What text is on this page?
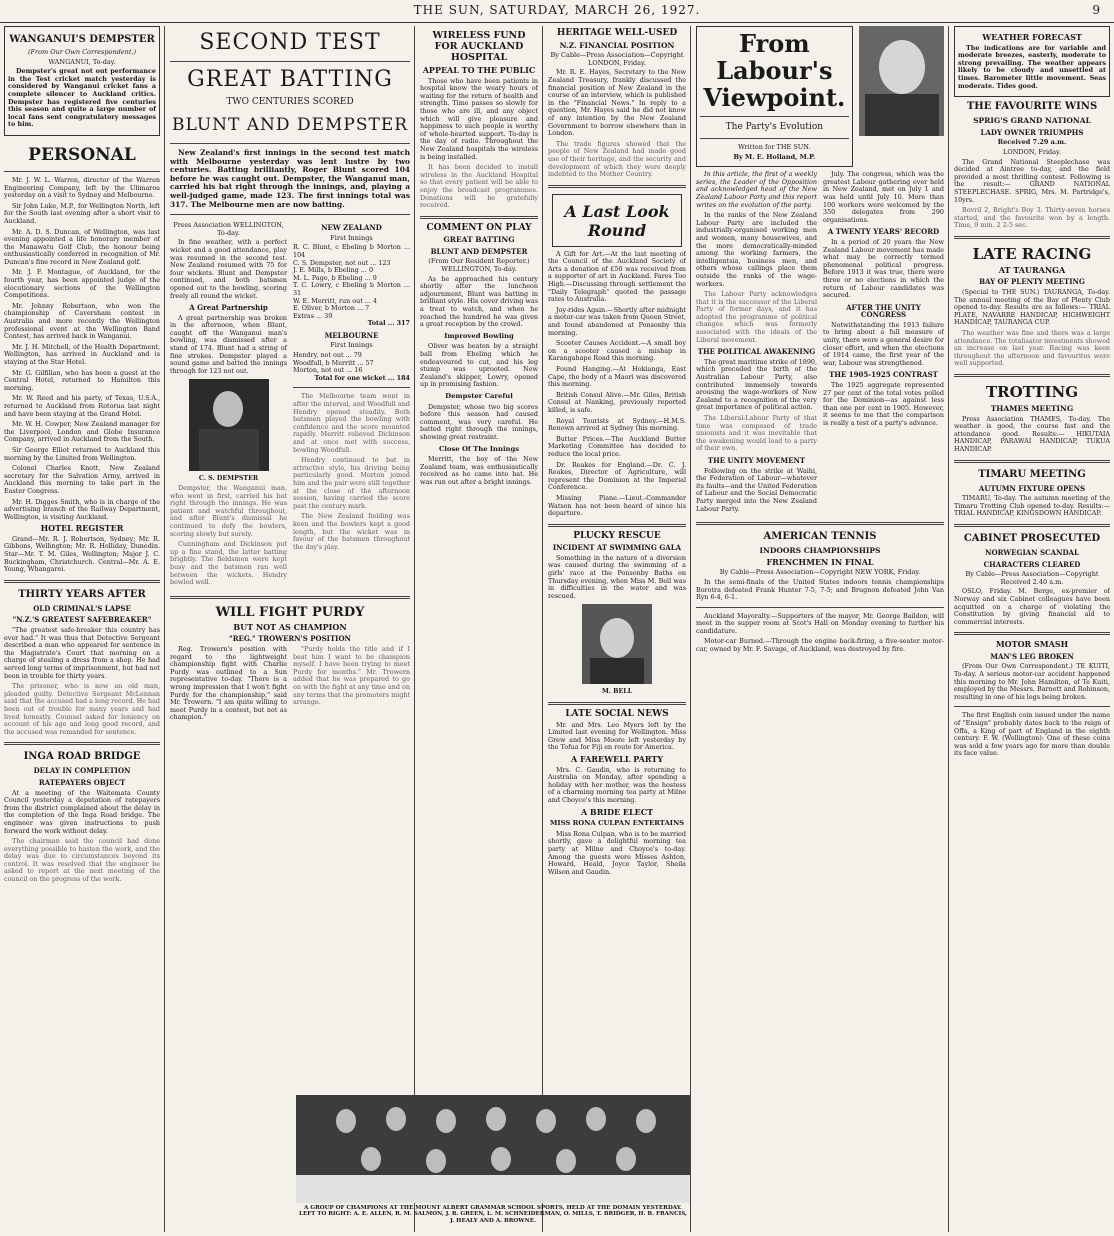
THE SUN, SATURDAY, MARCH 26, 1927.	9
WANGANUI'S DEMPSTER
(From Our Own Correspondent.)
WANGANUI, To-day.

Dempster's great not out performance in the Test cricket match yesterday is considered by Wanganui cricket fans a complete silencer to Auckland critics. Dempster has registered five centuries this season and quite a large number of local fans sent congratulatory messages to him.

PERSONAL

Mr. J. W. L. Warren, director of the Warren Engineering Company, left by the Ulimaroa yesterday on a visit to Sydney and Melbourne.

Sir John Luke, M.P., for Wellington North, left for the South last evening after a short visit to Auckland.

Mr. A. D. S. Duncan, of Wellington, was last evening appointed a life honorary member of the Manawatu Golf Club, the honour being enthusiastically conferred in recognition of Mr. Duncan's fine record in New Zealand golf.

Mr. J. F. Montague, of Auckland, for the fourth year, has been appointed judge of the elocutionary sections of the Wellington Competitions.

Mr. Johnny Robertson, who won the championship of Caversham contest in Australia and more recently the Wellington professional event at the Wellington Band Contest, has arrived back in Wanganui.

Mr. J. H. Mitchell, of the Health Department, Wellington, has arrived in Auckland and is staying at the Star Hotel.

Mr. G. Gilfillan, who has been a guest at the Central Hotel, returned to Hamilton this morning.

Mr. W. Reed and his party, of Texas, U.S.A., returned to Auckland from Rotorua last night and have been staying at the Grand Hotel.

Mr. W. H. Cowper, New Zealand manager for the Liverpool, London and Globe Insurance Company, arrived in Auckland from the South.

Sir George Elliot returned to Auckland this morning by the Limited from Wellington.

Colonel Charles Knott, New Zealand secretary for the Salvation Army, arrived in Auckland this morning to take part in the Easter Congress.

Mr. H. Digges Smith, who is in charge of the advertising branch of the Railway Department, Wellington, is visiting Auckland.

HOTEL REGISTER

Grand—Mr. R. J. Robertson, Sydney; Mr. R. Gibbons, Wellington; Mr. R. Holliday, Dunedin. Star—Mr. T. M. Giles, Wellington; Major J. C. Buckingham, Christchurch. Central—Mr. A. E. Young, Whangarei.

THIRTY YEARS AFTER
OLD CRIMINAL'S LAPSE
"N.Z.'S GREATEST SAFEBREAKER"

"The greatest safe-breaker this country has ever had." It was thus that Detective Sergeant described a man who appeared for sentence in the Magistrate's Court that morning on a charge of stealing a dress from a shop. He had served long terms of imprisonment, but had not been in trouble for thirty years.

The prisoner, who is now an old man, pleaded guilty. Detective Sergeant McLennan said that the accused had a long record. He had been out of trouble for many years and had lived honestly. Counsel asked for leniency on account of his age and long good record, and the accused was remanded for sentence.

INGA ROAD BRIDGE
DELAY IN COMPLETION
RATEPAYERS OBJECT

At a meeting of the Waitemata County Council yesterday a deputation of ratepayers from the district complained about the delay in the completion of the Inga Road bridge. The engineer was given instructions to push forward the work without delay.

The chairman said the council had done everything possible to hasten the work, and the delay was due to circumstances beyond its control. It was resolved that the engineer be asked to report at the next meeting of the council on the progress of the work.

SECOND TEST
GREAT BATTING
TWO CENTURIES SCORED
BLUNT AND DEMPSTER

New Zealand's first innings in the second test match with Melbourne yesterday was lent lustre by two centuries. Batting brilliantly, Roger Blunt scored 104 before he was caught out. Dempster, the Wanganui man, carried his bat right through the innings, and, playing a well-judged game, made 123. The first innings total was 317. The Melbourne men are now batting.

Press Association WELLINGTON, To-day.

In fine weather, with a perfect wicket and a good attendance, play was resumed in the second test. New Zealand resumed with 75 for four wickets. Blunt and Dempster continued, and both batsmen opened out to the bowling, scoring freely all round the wicket.

A Great Partnership

A great partnership was broken in the afternoon, when Blunt, caught off the Wanganui man's bowling, was dismissed after a stand of 174. Blunt had a string of fine strokes. Dempster played a sound game and batted the innings through for 123 not out.

C. S. DEMPSTER

Dempster, the Wanganui man, who went in first, carried his bat right through the innings. He was patient and watchful throughout, and after Blunt's dismissal he continued to defy the bowlers, scoring slowly but surely.

Cunningham and Dickinson put up a fine stand, the latter batting brightly. The fieldsmen were kept busy and the batsmen ran well between the wickets. Hendry bowled well.

NEW ZEALAND
First Innings
R. C. Blunt, c Ebeling b Morton ... 104
C. S. Dempster, not out ... 123
J. E. Mills, b Ebeling ... 0
M. L. Page, b Ebeling ... 9
T. C. Lowry, c Ebeling b Morton ... 31
W. E. Merritt, run out ... 4
E. Oliver, b Morton ... 7
Extras ... 39
Total ... 317
MELBOURNE
First Innings
Hendry, not out ... 79
Woodfull, b Merritt ... 57
Morton, not out ... 16
Total for one wicket ... 184

The Melbourne team went in after the interval, and Woodfull and Hendry opened steadily. Both batsmen played the bowling with confidence and the score mounted rapidly. Merritt relieved Dickinson and at once met with success, bowling Woodfull.

Hendry continued to bat in attractive style, his driving being particularly good. Morton joined him and the pair were still together at the close of the afternoon session, having carried the score past the century mark.

The New Zealand fielding was keen and the bowlers kept a good length, but the wicket was in favour of the batsmen throughout the day's play.

WILL FIGHT PURDY
BUT NOT AS CHAMPION
"REG." TROWERN'S POSITION

Reg. Trowern's position with regard to the lightweight championship fight with Charlie Purdy was outlined to a Sun representative to-day. "There is a wrong impression that I won't fight Purdy for the championship," said Mr. Trowern. "I am quite willing to meet Purdy in a contest, but not as champion."

"Purdy holds the title and if I beat him I want to be champion myself. I have been trying to meet Purdy for months." Mr. Trowern added that he was prepared to go on with the fight at any time and on any terms that the promoters might arrange.

WIRELESS FUND FOR AUCKLAND HOSPITAL
APPEAL TO THE PUBLIC

Those who have been patients in hospital know the weary hours of waiting for the return of health and strength. Time passes so slowly for those who are ill, and any object which will give pleasure and happiness to such people is worthy of whole-hearted support. To-day is the day of radio. Throughout the New Zealand hospitals the wireless is being installed.

It has been decided to install wireless in the Auckland Hospital so that every patient will be able to enjoy the broadcast programmes. Donations will be gratefully received.

COMMENT ON PLAY
GREAT BATTING
BLUNT AND DEMPSTER
(From Our Resident Reporter.) WELLINGTON, To-day.

As he approached his century shortly after the luncheon adjournment, Blunt was batting in brilliant style. His cover driving was a treat to watch, and when he reached the hundred he was given a great reception by the crowd.

Improved Bowling

Oliver was beaten by a straight ball from Ebeling which he endeavoured to cut, and his leg stump was uprooted. New Zealand's skipper, Lowry, opened up in promising fashion.

Dempster Careful

Dempster, whose two big scores before this season had caused comment, was very careful. He batted right through the innings, showing great restraint.

Close Of The Innings

Merritt, the boy of the New Zealand team, was enthusiastically received as he came into bat. He was run out after a bright innings.

HERITAGE WELL-USED
N.Z. FINANCIAL POSITION
By Cable—Press Association—Copyright LONDON, Friday.

Mr. R. E. Hayes, Secretary to the New Zealand Treasury, frankly discussed the financial position of New Zealand in the course of an interview, which is published in the "Financial News." In reply to a question, Mr. Hayes said he did not know of any intention by the New Zealand Government to borrow elsewhere than in London.

The trade figures showed that the people of New Zealand had made good use of their heritage, and the security and development of which they were deeply indebted to the Mother Country.

A Last Look Round

A Gift for Art.—At the last meeting of the Council of the Auckland Society of Arts a donation of £50 was received from a supporter of art in Auckland. Fares Too High.—Discussing through settlement the "Daily Telegraph" quoted the passage rates to Australia.

Joy-rides Again.—Shortly after midnight a motor-car was taken from Queen Street, and found abandoned at Ponsonby this morning.

Scooter Causes Accident.—A small boy on a scooter caused a mishap in Karangahape Road this morning.

Found Hanging.—At Hokianga, East Cape, the body of a Maori was discovered this morning.

British Consul Alive.—Mr. Giles, British Consul at Nanking, previously reported killed, is safe.

Royal Tourists at Sydney.—H.M.S. Renown arrived at Sydney this morning.

Butter Prices.—The Auckland Butter Marketing Committee has decided to reduce the local price.

Dr. Reakes for England.—Dr. C. J. Reakes, Director of Agriculture, will represent the Dominion at the Imperial Conference.

Missing Plane.—Lieut.-Commander Watson has not been heard of since his departure.

PLUCKY RESCUE
INCIDENT AT SWIMMING GALA

Something in the nature of a diversion was caused during the swimming of a girls' race at the Ponsonby Baths on Thursday evening, when Miss M. Bell was in difficulties in the water and was rescued.

M. BELL
LATE SOCIAL NEWS

Mr. and Mrs. Leo Myers left by the Limited last evening for Wellington. Miss Grew and Miss Moore left yesterday by the Tofua for Fiji en route for America.

A FAREWELL PARTY

Mrs. C. Gaudin, who is returning to Australia on Monday, after spending a holiday with her mother, was the hostess of a charming morning tea party at Milne and Choyce's this morning.

A BRIDE ELECT
MISS RONA CULPAN ENTERTAINS

Miss Rona Culpan, who is to be married shortly, gave a delightful morning tea party at Milne and Choyce's to-day. Among the guests were Misses Ashton, Howard, Heald, Joyce Taylor, Sheila Wilson and Gaudin.

From Labour's
Viewpoint.
The Party's Evolution
Written for THE SUN.
By M. E. Holland, M.P.

In this article, the first of a weekly series, the Leader of the Opposition and acknowledged head of the New Zealand Labour Party and this report writes on the evolution of the party.

In the ranks of the New Zealand Labour Party are included the industrially-organised working men and women, many housewives, and the more democratically-minded among the working farmers, the intelligentsia, business men, and others whose callings place them outside the ranks of the wage-workers.

The Labour Party acknowledges that it is the successor of the Liberal Party of former days, and it has adopted the programme of political changes which was formerly associated with the ideals of the Liberal movement.

THE POLITICAL AWAKENING

The great maritime strike of 1890, which preceded the birth of the Australian Labour Party, also contributed immensely towards arousing the wage-workers of New Zealand to a recognition of the very great importance of political action.

The Liberal-Labour Party of that time was composed of trade unionists and it was inevitable that the awakening would lead to a party of their own.

THE UNITY MOVEMENT

Following on the strike at Waihi, the Federation of Labour—whatever its faults—and the United Federation of Labour and the Social Democratic Party merged into the New Zealand Labour Party.

July. The congress, which was the greatest Labour gathering ever held in New Zealand, met on July 1 and was held until July 10. More than 100 workers were welcomed by the 350 delegates from 290 organisations.

A TWENTY YEARS' RECORD

In a period of 20 years the New Zealand Labour movement has made what may be correctly termed phenomenal political progress. Before 1913 it was true, there were three or no elections in which the return of Labour candidates was secured.

AFTER THE UNITY CONGRESS

Notwithstanding the 1913 failure to bring about a full measure of unity, there were a general desire for closer effort, and when the elections of 1914 came, the first year of the war, Labour was strengthened.

THE 1905-1925 CONTRAST

The 1925 aggregate represented 27 per cent of the total votes polled for the Dominion—as against less than one per cent in 1905. However, it seems to me that the comparison is really a test of a party's advance.

AMERICAN TENNIS
INDOORS CHAMPIONSHIPS
FRENCHMEN IN FINAL
By Cable—Press Association—Copyright NEW YORK, Friday.

In the semi-finals of the United States indoors tennis championships Borotra defeated Frank Hunter 7-5, 7-5; and Brugnon defeated John Van Ryn 6-4, 6-1.

Auckland Mayoralty.—Supporters of the mayor, Mr. George Baildon, will meet in the supper room at Scot's Hall on Monday evening to further his candidature.

Motor-car Burned.—Through the engine back-firing, a five-seater motor-car, owned by Mr. F. Savage, of Auckland, was destroyed by fire.

A GROUP OF CHAMPIONS AT THE MOUNT ALBERT GRAMMAR SCHOOL SPORTS, HELD AT THE DOMAIN YESTERDAY. LEFT TO RIGHT: A. E. ALLEN, R. M. SALMON, J. R. GREEN, L. M. SCHNEIDERMAN, O. MILLS, T. BRIDGER, H. B. FRANCIS, J. HEALY AND A. BROWNE.
WEATHER FORECAST

The indications are for variable and moderate breezes, easterly, moderate to strong prevailing. The weather appears likely to be cloudy and unsettled at times. Barometer little movement. Seas moderate. Tides good.

THE FAVOURITE WINS
SPRIG'S GRAND NATIONAL
LADY OWNER TRIUMPHS
Received 7.29 a.m.
LONDON, Friday.

The Grand National Steeplechase was decided at Aintree to-day, and the field provided a most thrilling contest. Following is the result:— GRAND NATIONAL STEEPLECHASE. SPRIG, Mrs. M. Partridge's, 10yrs.

Bovril 2, Bright's Boy 3. Thirty-seven horses started, and the favourite won by a length. Time, 9 min. 2 2-5 sec.

LATE RACING
AT TAURANGA
BAY OF PLENTY MEETING

(Special to THE SUN.) TAURANGA, To-day. The annual meeting of the Bay of Plenty Club opened to-day. Results are as follows:— TRIAL PLATE, NAVARRE HANDICAP, HIGHWEIGHT HANDICAP, TAURANGA CUP.

The weather was fine and there was a large attendance. The totalisator investments showed an increase on last year. Racing was keen throughout the afternoon and favourites were well supported.

TROTTING
THAMES MEETING

Press Association THAMES, To-day. The weather is good, the course fast and the attendance good. Results:— HIKUTAIA HANDICAP, PARAWAI HANDICAP, TUKUA HANDICAP.

TIMARU MEETING
AUTUMN FIXTURE OPENS

TIMARU, To-day. The autumn meeting of the Timaru Trotting Club opened to-day. Results:— TRIAL HANDICAP, KINGSDOWN HANDICAP.

CABINET PROSECUTED
NORWEGIAN SCANDAL
CHARACTERS CLEARED
By Cable—Press Association—Copyright Received 2.40 a.m.

OSLO, Friday. M. Berge, ex-premier of Norway and six Cabinet colleagues have been acquitted on a charge of violating the Constitution by giving financial aid to commercial interests.

MOTOR SMASH
MAN'S LEG BROKEN

(From Our Own Correspondent.) TE KUITI, To-day. A serious motor-car accident happened this morning to Mr. John Hamilton, of Te Kuiti, employed by the Messrs. Barnett and Robinson, resulting in one of his legs being broken.

The first English coin issued under the name of "Ensign" probably dates back to the reign of Offa, a King of part of England in the eighth century. F. W. (Wellington): One of these coins was sold a few years ago for more than double its face value.
